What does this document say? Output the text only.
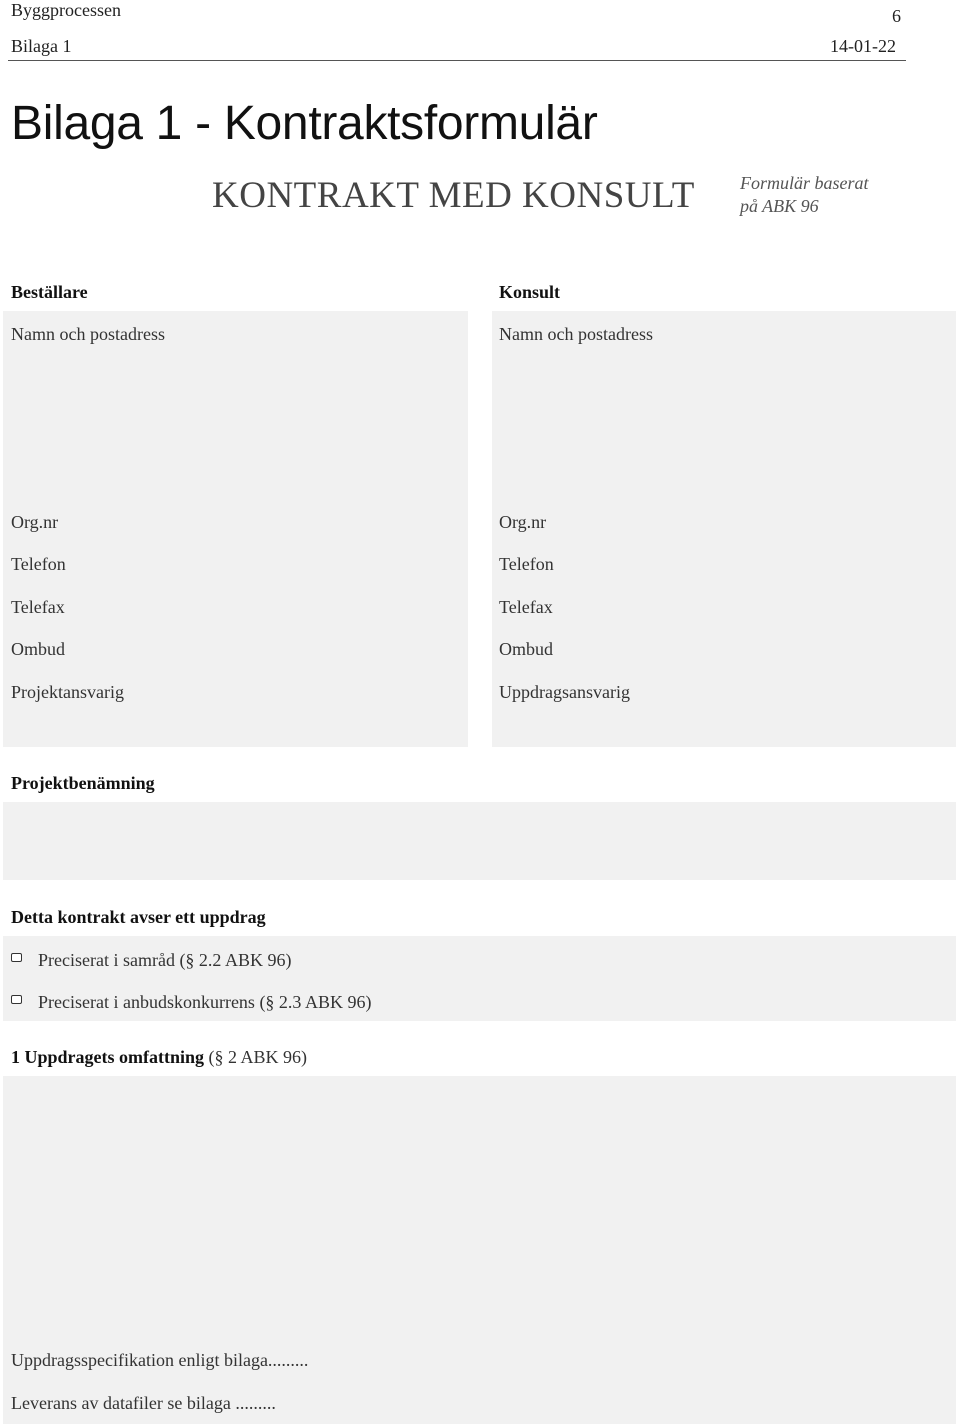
Byggprocessen	6
Bilaga 1	14-01-22
Bilaga 1 - Kontraktsformulär
KONTRAKT MED KONSULT	Formulär baserat
på ABK 96
Beställare	Konsult
Namn och postadress
Org.nr
Telefon
Telefax
Ombud
Projektansvarig
Namn och postadress
Org.nr
Telefon
Telefax
Ombud
Uppdragsansvarig
Projektbenämning
Detta kontrakt avser ett uppdrag
Preciserat i samråd (§ 2.2 ABK 96)
Preciserat i anbudskonkurrens (§ 2.3 ABK 96)
1 Uppdragets omfattning (§ 2 ABK 96)
Uppdragsspecifikation enligt bilaga.........
Leverans av datafiler se bilaga .........
